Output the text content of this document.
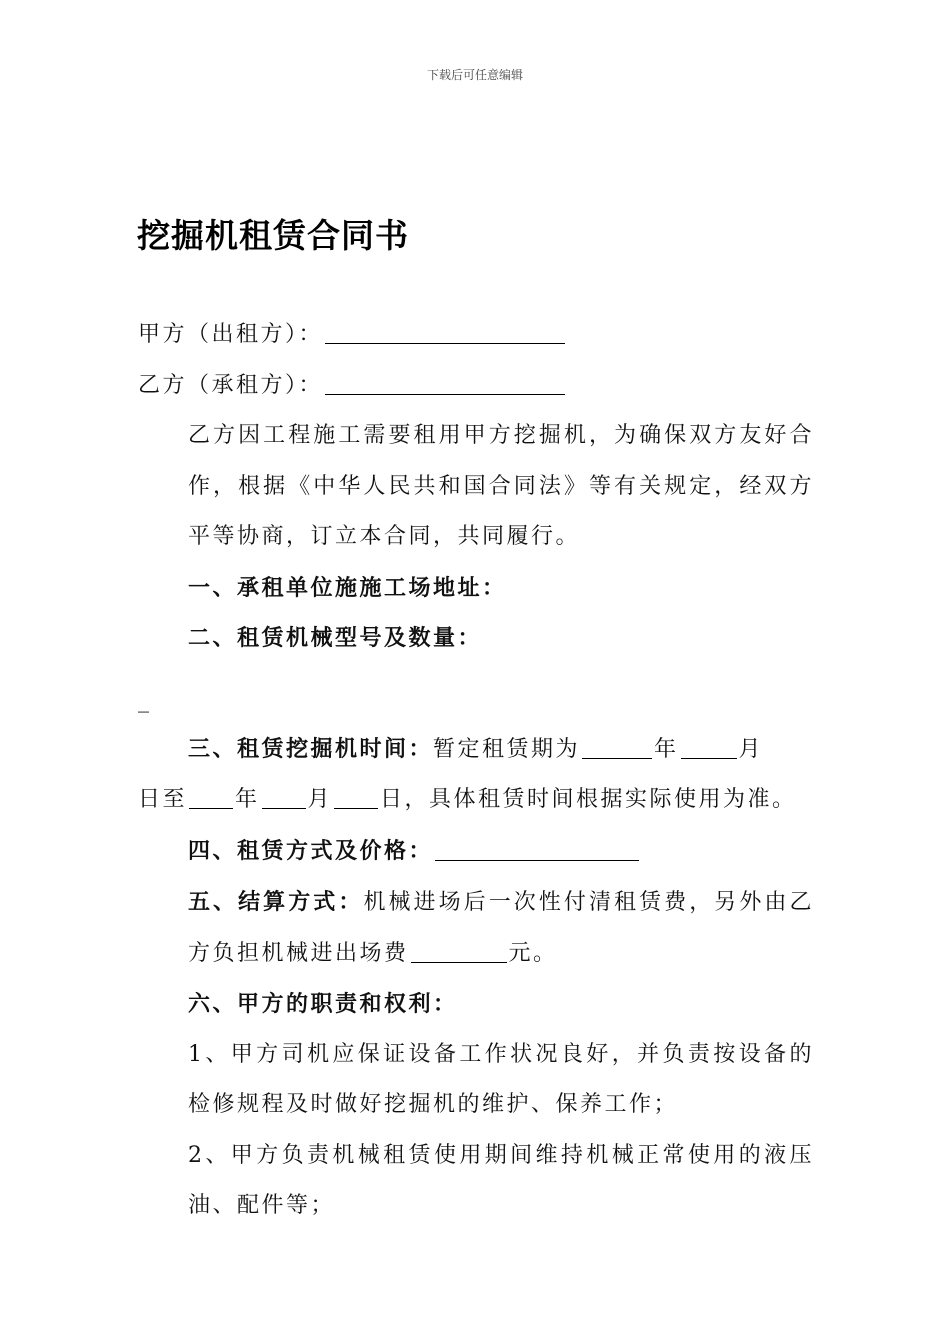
下载后可任意编辑
挖掘机租赁合同书

甲方（出租方）：

乙方（承租方）：

乙方因工程施工需要租用甲方挖掘机，为确保双方友好合作，根据《中华人民共和国合同法》等有关规定，经双方平等协商，订立本合同，共同履行。

一、承租单位施施工场地址：

二、租赁机械型号及数量：

_

三、租赁挖掘机时间：暂定租赁期为	年	月
日至 年 月 日，具体租赁时间根据实际使用为准。

四、租赁方式及价格：

五、结算方式：机械进场后一次性付清租赁费，另外由乙方负担机械进出场费	元。

六、甲方的职责和权利：

1、甲方司机应保证设备工作状况良好，并负责按设备的检修规程及时做好挖掘机的维护、保养工作；

2、甲方负责机械租赁使用期间维持机械正常使用的液压油、配件等；
